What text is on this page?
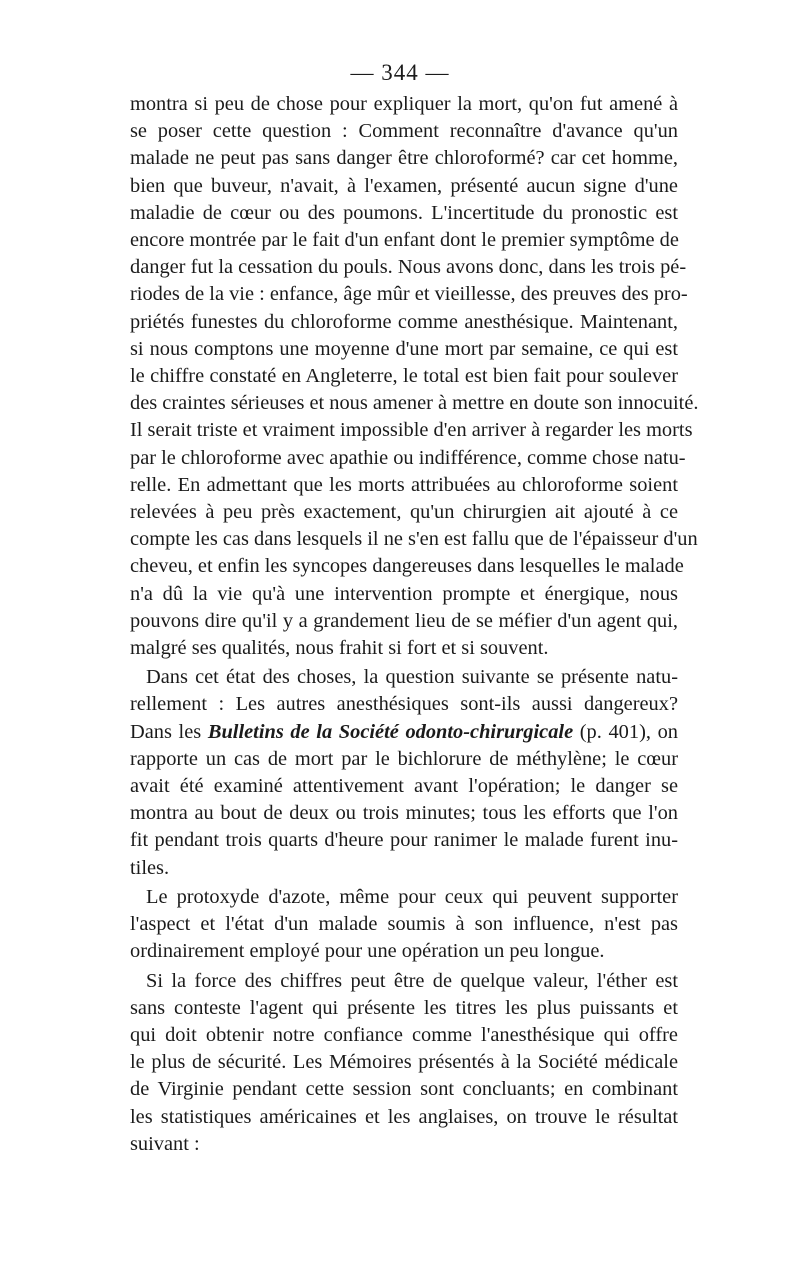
— 344 —
montra si peu de chose pour expliquer la mort, qu'on fut amené à
se poser cette question : Comment reconnaître d'avance qu'un
malade ne peut pas sans danger être chloroformé? car cet homme,
bien que buveur, n'avait, à l'examen, présenté aucun signe d'une
maladie de cœur ou des poumons. L'incertitude du pronostic est
encore montrée par le fait d'un enfant dont le premier symptôme de
danger fut la cessation du pouls. Nous avons donc, dans les trois pé-
riodes de la vie : enfance, âge mûr et vieillesse, des preuves des pro-
priétés funestes du chloroforme comme anesthésique. Maintenant,
si nous comptons une moyenne d'une mort par semaine, ce qui est
le chiffre constaté en Angleterre, le total est bien fait pour soulever
des craintes sérieuses et nous amener à mettre en doute son innocuité.
Il serait triste et vraiment impossible d'en arriver à regarder les morts
par le chloroforme avec apathie ou indifférence, comme chose natu-
relle. En admettant que les morts attribuées au chloroforme soient
relevées à peu près exactement, qu'un chirurgien ait ajouté à ce
compte les cas dans lesquels il ne s'en est fallu que de l'épaisseur d'un
cheveu, et enfin les syncopes dangereuses dans lesquelles le malade
n'a dû la vie qu'à une intervention prompte et énergique, nous
pouvons dire qu'il y a grandement lieu de se méfier d'un agent qui,
malgré ses qualités, nous frahit si fort et si souvent.
Dans cet état des choses, la question suivante se présente natu-
rellement : Les autres anesthésiques sont-ils aussi dangereux?
Dans les Bulletins de la Société odonto-chirurgicale (p. 401), on
rapporte un cas de mort par le bichlorure de méthylène; le cœur
avait été examiné attentivement avant l'opération; le danger se
montra au bout de deux ou trois minutes; tous les efforts que l'on
fit pendant trois quarts d'heure pour ranimer le malade furent inu-
tiles.
Le protoxyde d'azote, même pour ceux qui peuvent supporter
l'aspect et l'état d'un malade soumis à son influence, n'est pas
ordinairement employé pour une opération un peu longue.
Si la force des chiffres peut être de quelque valeur, l'éther est
sans conteste l'agent qui présente les titres les plus puissants et
qui doit obtenir notre confiance comme l'anesthésique qui offre
le plus de sécurité. Les Mémoires présentés à la Société médicale
de Virginie pendant cette session sont concluants; en combinant
les statistiques américaines et les anglaises, on trouve le résultat
suivant :
